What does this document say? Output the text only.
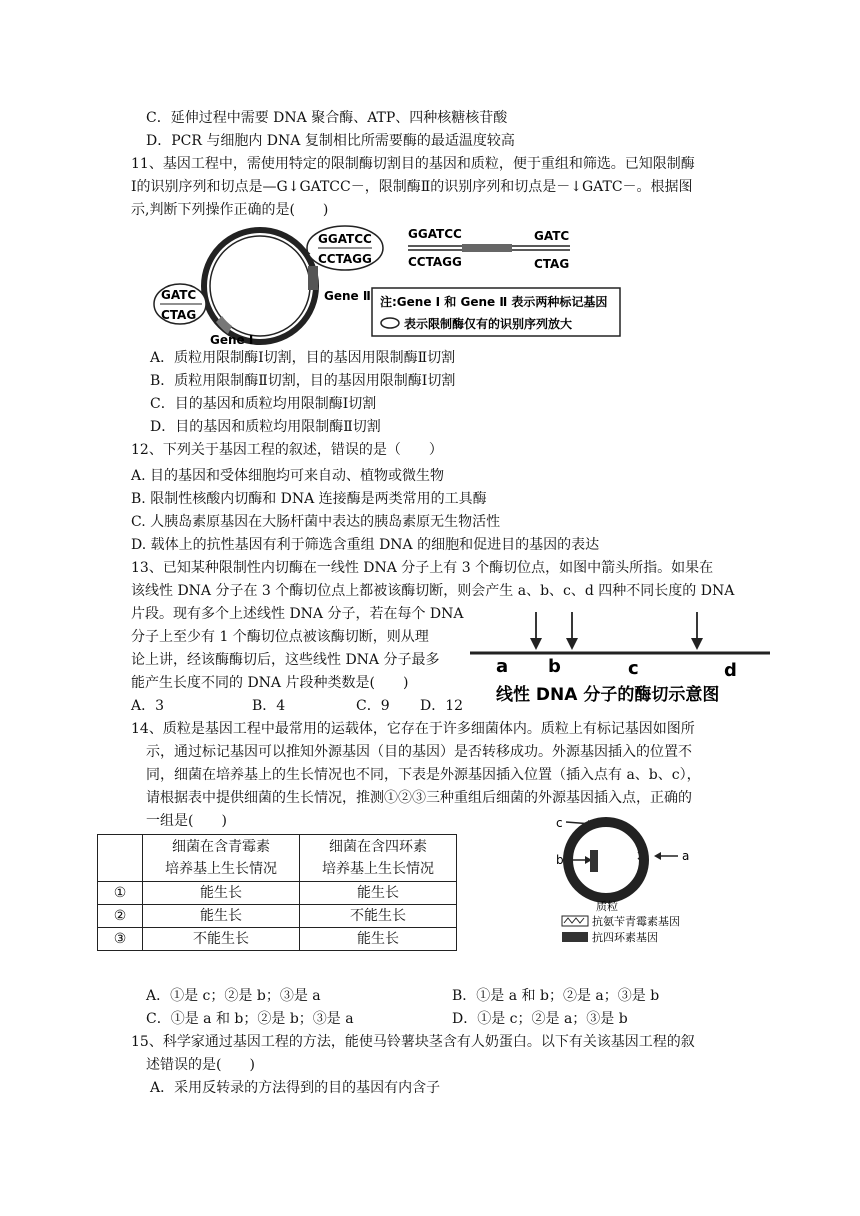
C．延伸过程中需要 DNA 聚合酶、ATP、四种核糖核苷酸
D．PCR 与细胞内 DNA 复制相比所需要酶的最适温度较高
11、基因工程中，需使用特定的限制酶切割目的基因和质粒，便于重组和筛选。已知限制酶
Ⅰ的识别序列和切点是—G↓GATCC－，限制酶Ⅱ的识别序列和切点是－↓GATC－。根据图
示,判断下列操作正确的是(　　)
GGATCC
CCTAGG
GATC
CTAG
Gene Ⅱ
Gene Ⅰ
GGATCC
CCTAGG
GATC
CTAG
注:Gene Ⅰ 和 Gene Ⅱ 表示两种标记基因
表示限制酶仅有的识别序列放大
A．质粒用限制酶Ⅰ切割，目的基因用限制酶Ⅱ切割
B．质粒用限制酶Ⅱ切割，目的基因用限制酶Ⅰ切割
C．目的基因和质粒均用限制酶Ⅰ切割
D．目的基因和质粒均用限制酶Ⅱ切割
12、下列关于基因工程的叙述，错误的是（　　）
A. 目的基因和受体细胞均可来自动、植物或微生物
B. 限制性核酸内切酶和 DNA 连接酶是两类常用的工具酶
C. 人胰岛素原基因在大肠杆菌中表达的胰岛素原无生物活性
D. 载体上的抗性基因有利于筛选含重组 DNA 的细胞和促进目的基因的表达
13、已知某种限制性内切酶在一线性 DNA 分子上有 3 个酶切位点，如图中箭头所指。如果在
该线性 DNA 分子在 3 个酶切位点上都被该酶切断，则会产生 a、b、c、d 四种不同长度的 DNA
片段。现有多个上述线性 DNA 分子，若在每个 DNA
分子上至少有 1 个酶切位点被该酶切断，则从理
论上讲，经该酶酶切后，这些线性 DNA 分子最多
能产生长度不同的 DNA 片段种类数是(　　)
A．3	B．4	C．9 D．12
a b	c	d
线性 DNA 分子的酶切示意图
14、质粒是基因工程中最常用的运载体，它存在于许多细菌体内。质粒上有标记基因如图所
示，通过标记基因可以推知外源基因（目的基因）是否转移成功。外源基因插入的位置不
同，细菌在培养基上的生长情况也不同，下表是外源基因插入位置（插入点有 a、b、c），
请根据表中提供细菌的生长情况，推测①②③三种重组后细菌的外源基因插入点，正确的
一组是(　　)
	细菌在含青霉素
培养基上生长情况	细菌在含四环素
培养基上生长情况
①	能生长	能生长
②	能生长	不能生长
③	不能生长	能生长
c
b	a
质粒
抗氨苄青霉素基因
抗四环素基因
A．①是 c；②是 b；③是 a	B．①是 a 和 b；②是 a；③是 b
C．①是 a 和 b；②是 b；③是 a	D．①是 c；②是 a；③是 b
15、科学家通过基因工程的方法，能使马铃薯块茎含有人奶蛋白。以下有关该基因工程的叙
述错误的是(　　)
A．采用反转录的方法得到的目的基因有内含子
